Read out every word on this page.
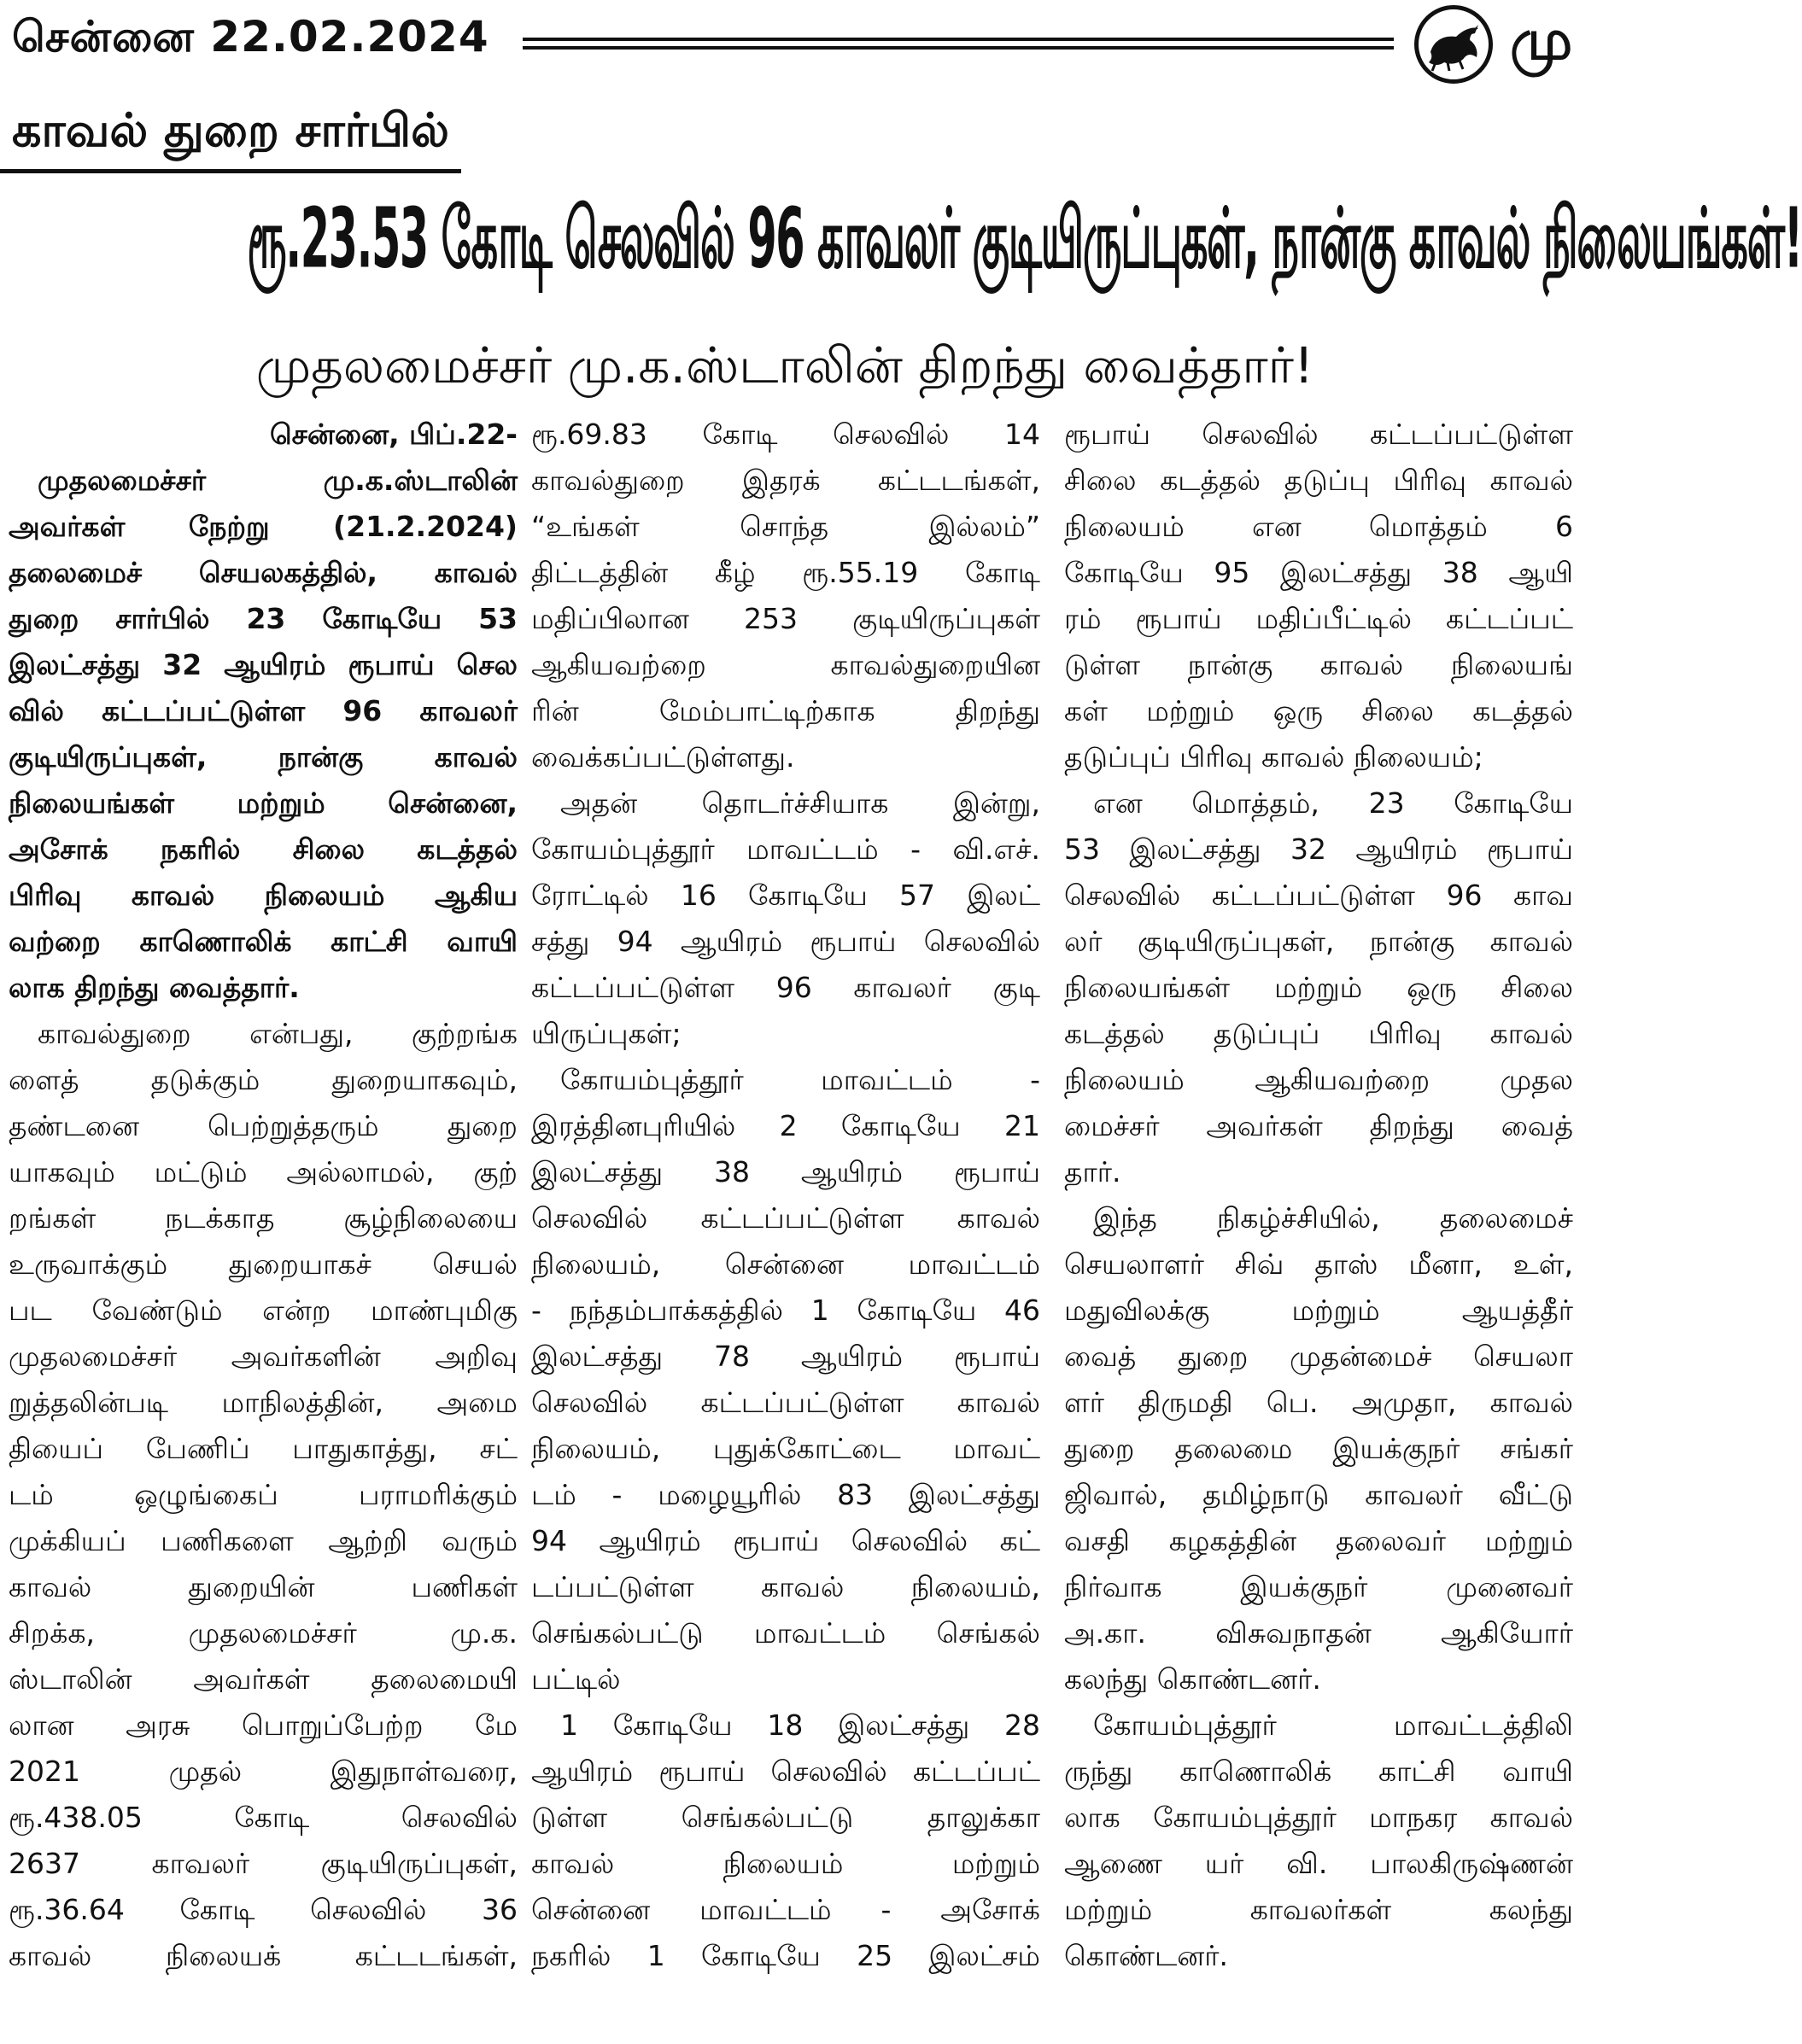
சென்னை 22.02.2024	மு
காவல் துறை சார்பில்
ரூ.23.53 கோடி செலவில் 96 காவலர் குடியிருப்புகள், நான்கு காவல் நிலையங்கள்!
முதலமைச்சர் மு.க.ஸ்டாலின் திறந்து வைத்தார்!
சென்னை, பிப்.22-
முதலமைச்சர் மு.க.ஸ்டாலின்
அவர்கள் நேற்று (21.2.2024)
தலைமைச் செயலகத்தில், காவல்
துறை சார்பில் 23 கோடியே 53
இலட்சத்து 32 ஆயிரம் ரூபாய் செல
வில் கட்டப்பட்டுள்ள 96 காவலர்
குடியிருப்புகள், நான்கு காவல்
நிலையங்கள் மற்றும் சென்னை,
அசோக் நகரில் சிலை கடத்தல்
பிரிவு காவல் நிலையம் ஆகிய
வற்றை காணொலிக் காட்சி வாயி
லாக திறந்து வைத்தார்.
காவல்துறை என்பது, குற்றங்க
ளைத் தடுக்கும் துறையாகவும்,
தண்டனை பெற்றுத்தரும் துறை
யாகவும் மட்டும் அல்லாமல், குற்
றங்கள் நடக்காத சூழ்நிலையை
உருவாக்கும் துறையாகச் செயல்
பட வேண்டும் என்ற மாண்புமிகு
முதலமைச்சர் அவர்களின் அறிவு
றுத்தலின்படி மாநிலத்தின், அமை
தியைப் பேணிப் பாதுகாத்து, சட்
டம் ஒழுங்கைப் பராமரிக்கும்
முக்கியப் பணிகளை ஆற்றி வரும்
காவல் துறையின் பணிகள்
சிறக்க, முதலமைச்சர் மு.க.
ஸ்டாலின் அவர்கள் தலைமையி
லான அரசு பொறுப்பேற்ற மே
2021 முதல் இதுநாள்வரை,
ரூ.438.05 கோடி செலவில்
2637 காவலர் குடியிருப்புகள்,
ரூ.36.64 கோடி செலவில் 36
காவல் நிலையக் கட்டடங்கள்,
ரூ.69.83 கோடி செலவில் 14
காவல்துறை இதரக் கட்டடங்கள்,
“உங்கள் சொந்த இல்லம்”
திட்டத்தின் கீழ் ரூ.55.19 கோடி
மதிப்பிலான 253 குடியிருப்புகள்
ஆகியவற்றை காவல்துறையின
ரின் மேம்பாட்டிற்காக திறந்து
வைக்கப்பட்டுள்ளது.
அதன் தொடர்ச்சியாக இன்று,
கோயம்புத்தூர் மாவட்டம் - வி.எச்.
ரோட்டில் 16 கோடியே 57 இலட்
சத்து 94 ஆயிரம் ரூபாய் செலவில்
கட்டப்பட்டுள்ள 96 காவலர் குடி
யிருப்புகள்;
கோயம்புத்தூர் மாவட்டம் -
இரத்தினபுரியில் 2 கோடியே 21
இலட்சத்து 38 ஆயிரம் ரூபாய்
செலவில் கட்டப்பட்டுள்ள காவல்
நிலையம், சென்னை மாவட்டம்
- நந்தம்பாக்கத்தில் 1 கோடியே 46
இலட்சத்து 78 ஆயிரம் ரூபாய்
செலவில் கட்டப்பட்டுள்ள காவல்
நிலையம், புதுக்கோட்டை மாவட்
டம் - மழையூரில் 83 இலட்சத்து
94 ஆயிரம் ரூபாய் செலவில் கட்
டப்பட்டுள்ள காவல் நிலையம்,
செங்கல்பட்டு மாவட்டம் செங்கல்
பட்டில்
1 கோடியே 18 இலட்சத்து 28
ஆயிரம் ரூபாய் செலவில் கட்டப்பட்
டுள்ள செங்கல்பட்டு தாலுக்கா
காவல் நிலையம் மற்றும்
சென்னை மாவட்டம் - அசோக்
நகரில் 1 கோடியே 25 இலட்சம்
ரூபாய் செலவில் கட்டப்பட்டுள்ள
சிலை கடத்தல் தடுப்பு பிரிவு காவல்
நிலையம் என மொத்தம் 6
கோடியே 95 இலட்சத்து 38 ஆயி
ரம் ரூபாய் மதிப்பீட்டில் கட்டப்பட்
டுள்ள நான்கு காவல் நிலையங்
கள் மற்றும் ஒரு சிலை கடத்தல்
தடுப்புப் பிரிவு காவல் நிலையம்;
என மொத்தம், 23 கோடியே
53 இலட்சத்து 32 ஆயிரம் ரூபாய்
செலவில் கட்டப்பட்டுள்ள 96 காவ
லர் குடியிருப்புகள், நான்கு காவல்
நிலையங்கள் மற்றும் ஒரு சிலை
கடத்தல் தடுப்புப் பிரிவு காவல்
நிலையம் ஆகியவற்றை முதல
மைச்சர் அவர்கள் திறந்து வைத்
தார்.
இந்த நிகழ்ச்சியில், தலைமைச்
செயலாளர் சிவ் தாஸ் மீனா, உள்,
மதுவிலக்கு மற்றும் ஆயத்தீர்
வைத் துறை முதன்மைச் செயலா
ளர் திருமதி பெ. அமுதா, காவல்
துறை தலைமை இயக்குநர் சங்கர்
ஜிவால், தமிழ்நாடு காவலர் வீட்டு
வசதி கழகத்தின் தலைவர் மற்றும்
நிர்வாக இயக்குநர் முனைவர்
அ.கா. விசுவநாதன் ஆகியோர்
கலந்து கொண்டனர்.
கோயம்புத்தூர் மாவட்டத்திலி
ருந்து காணொலிக் காட்சி வாயி
லாக கோயம்புத்தூர் மாநகர காவல்
ஆணை யர் வி. பாலகிருஷ்ணன்
மற்றும் காவலர்கள் கலந்து
கொண்டனர்.
